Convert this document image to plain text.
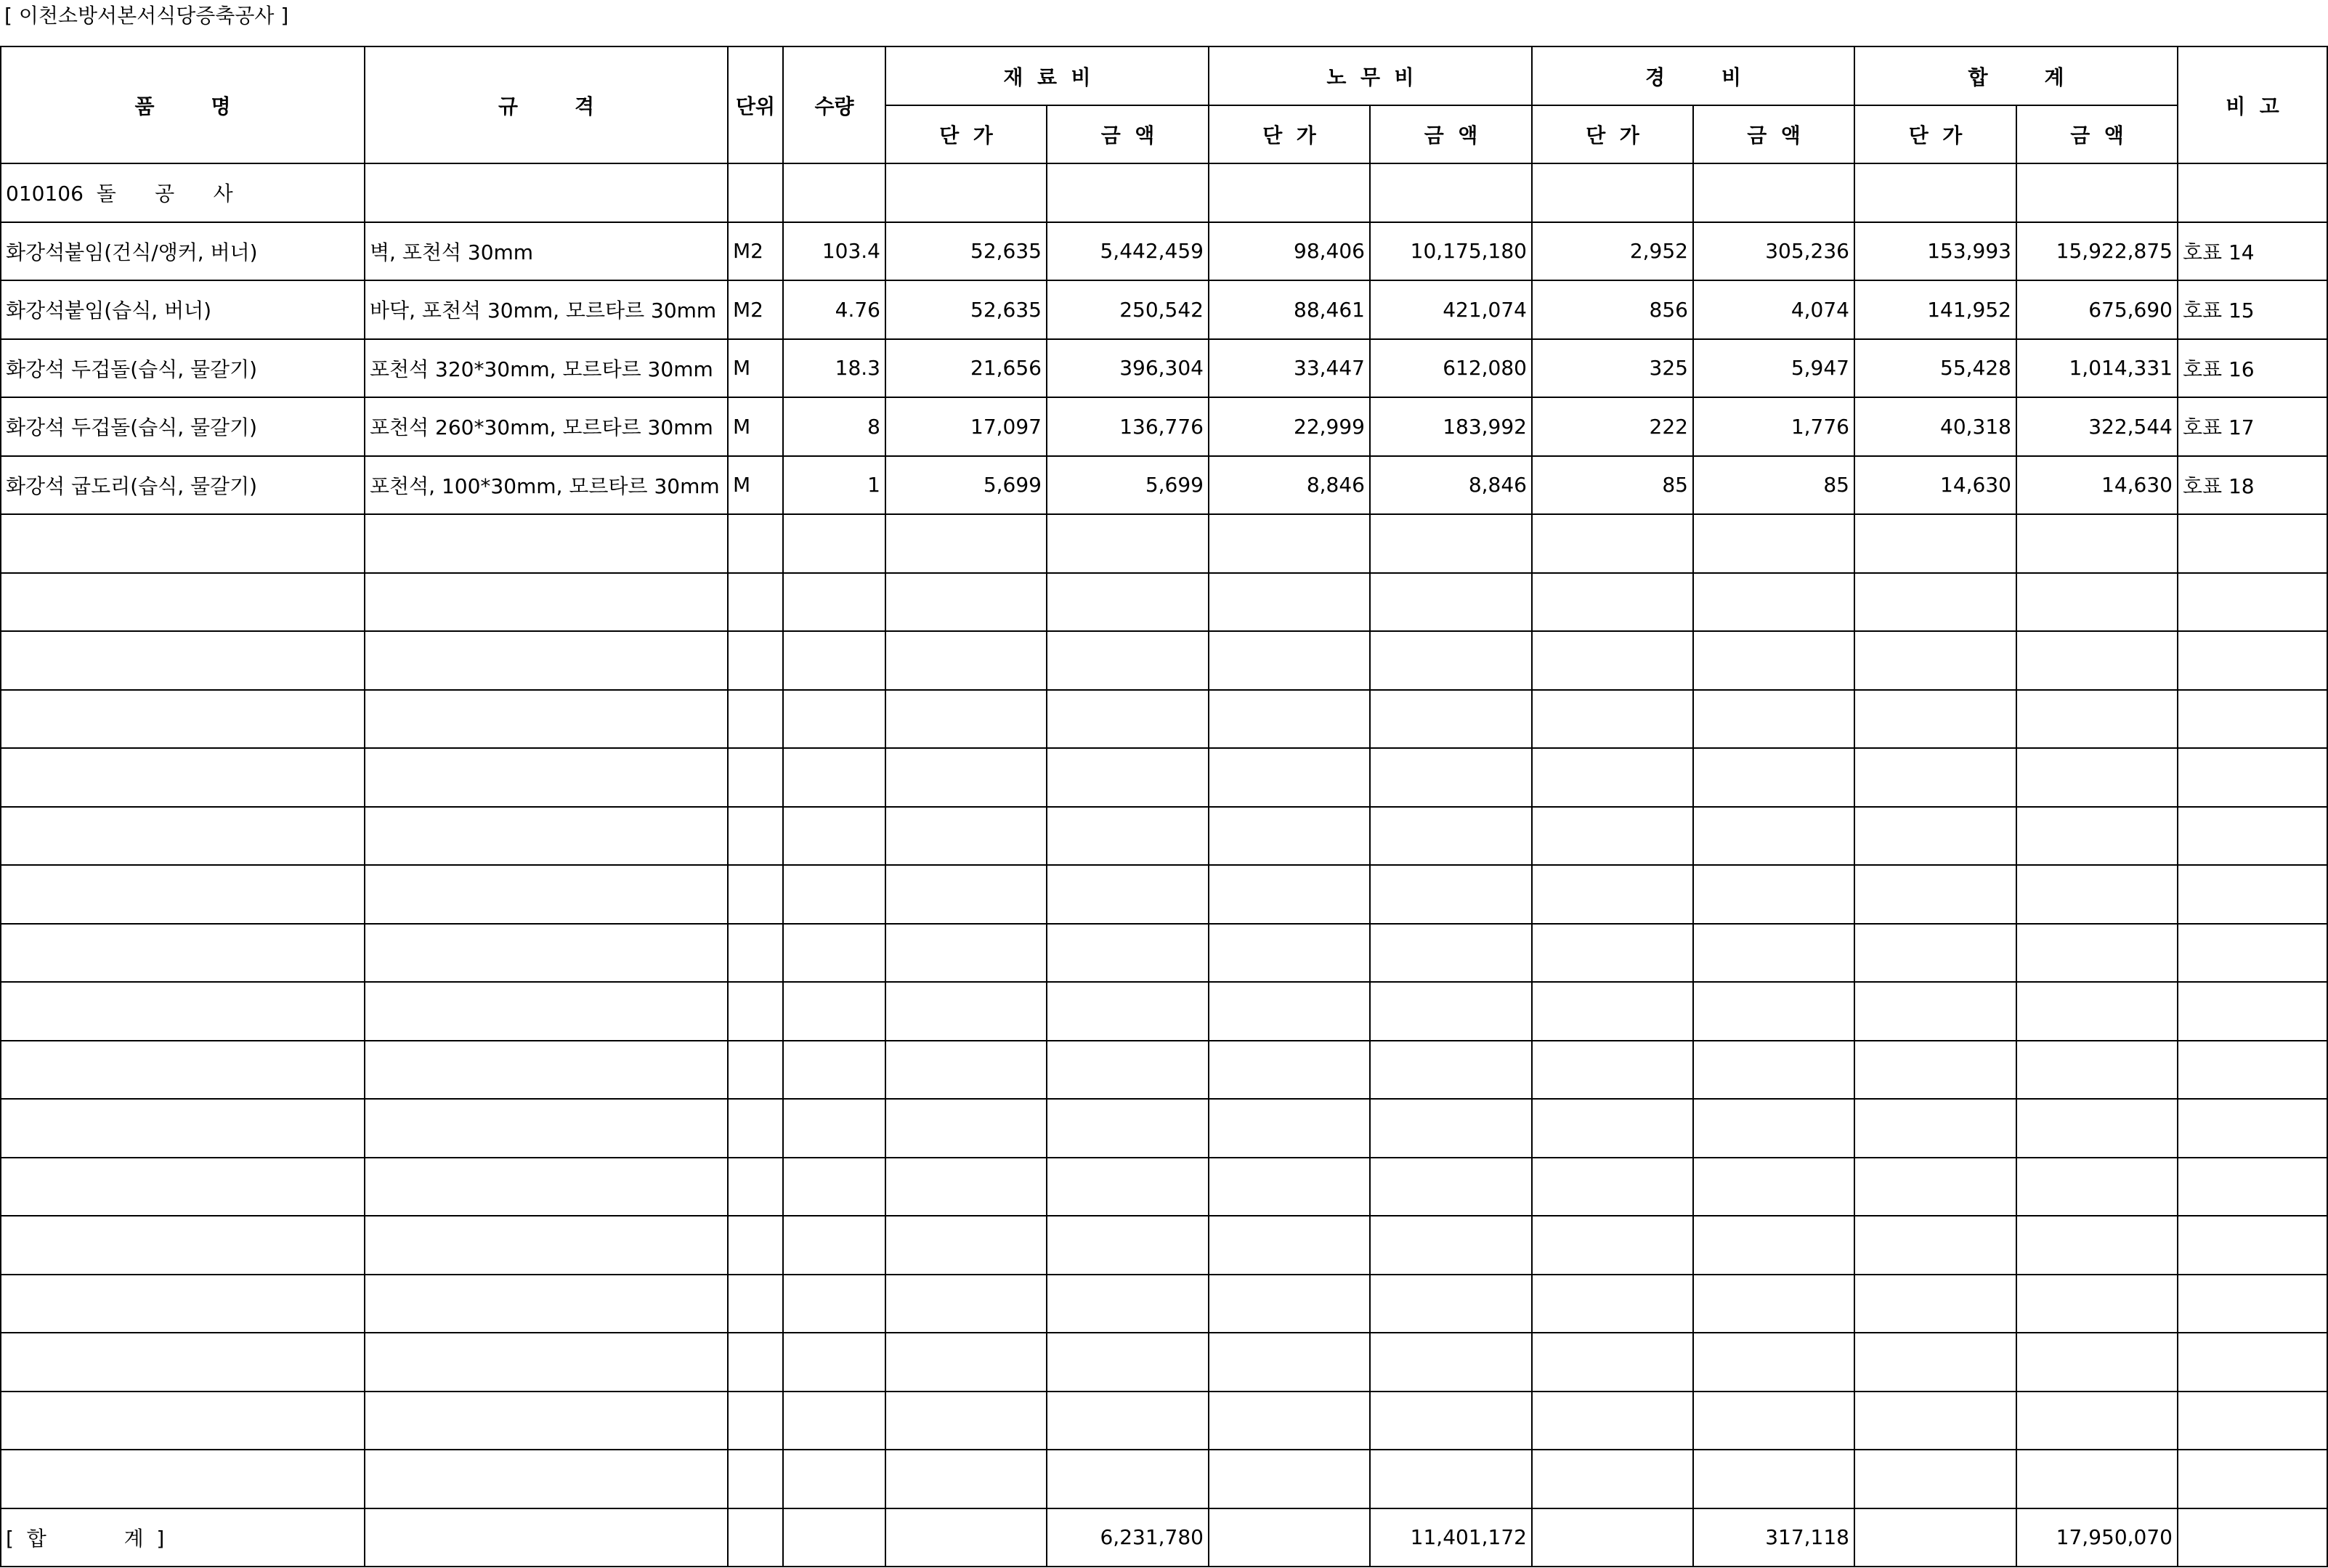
[ 이천소방서본서식당증축공사 ]
품        명	규        격	단위	수량	재  료  비		노  무  비		경        비		합        계		비  고
				단  가	금  액	단  가	금  액	단  가	금  액	단  가	금  액	
010106  돌      공      사												
화강석붙임(건식/앵커, 버너)	벽, 포천석 30mm	M2	103.4	52,635	5,442,459	98,406	10,175,180	2,952	305,236	153,993	15,922,875	호표 14
화강석붙임(습식, 버너)	바닥, 포천석 30mm, 모르타르 30mm	M2	4.76	52,635	250,542	88,461	421,074	856	4,074	141,952	675,690	호표 15
화강석 두겁돌(습식, 물갈기)	포천석 320*30mm, 모르타르 30mm	M	18.3	21,656	396,304	33,447	612,080	325	5,947	55,428	1,014,331	호표 16
화강석 두겁돌(습식, 물갈기)	포천석 260*30mm, 모르타르 30mm	M	8	17,097	136,776	22,999	183,992	222	1,776	40,318	322,544	호표 17
화강석 굽도리(습식, 물갈기)	포천석, 100*30mm, 모르타르 30mm	M	1	5,699	5,699	8,846	8,846	85	85	14,630	14,630	호표 18

[  합            계  ]					6,231,780		11,401,172		317,118		17,950,070	
